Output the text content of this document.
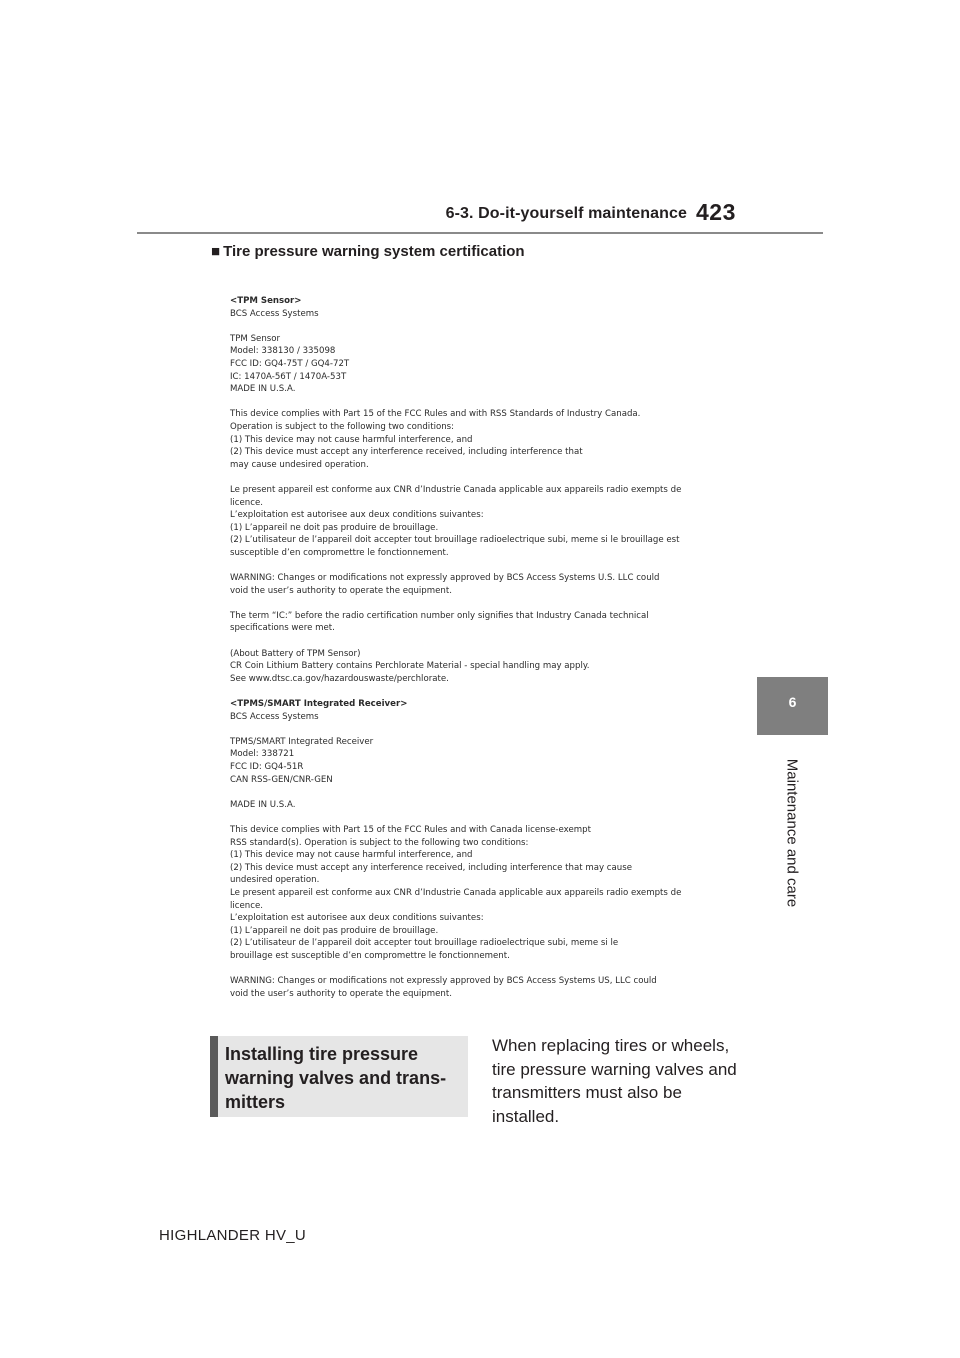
6-3. Do-it-yourself maintenance 423
6
Maintenance and care
■ Tire pressure warning system certification
<TPM Sensor>
BCS Access Systems
TPM Sensor
Model: 338130 / 335098
FCC ID: GQ4-75T / GQ4-72T
IC: 1470A-56T / 1470A-53T
MADE IN U.S.A.
This device complies with Part 15 of the FCC Rules and with RSS Standards of Industry Canada.
Operation is subject to the following two conditions:
(1) This device may not cause harmful interference, and
(2) This device must accept any interference received, including interference that
may cause undesired operation.
Le present appareil est conforme aux CNR d’Industrie Canada applicable aux appareils radio exempts de
licence.
L’exploitation est autorisee aux deux conditions suivantes:
(1) L’appareil ne doit pas produire de brouillage.
(2) L’utilisateur de l’appareil doit accepter tout brouillage radioelectrique subi, meme si le brouillage est
susceptible d’en compromettre le fonctionnement.
WARNING: Changes or modifications not expressly approved by BCS Access Systems U.S. LLC could
void the user’s authority to operate the equipment.
The term “IC:” before the radio certification number only signifies that Industry Canada technical
specifications were met.
(About Battery of TPM Sensor)
CR Coin Lithium Battery contains Perchlorate Material - special handling may apply.
See www.dtsc.ca.gov/hazardouswaste/perchlorate.
<TPMS/SMART Integrated Receiver>
BCS Access Systems
TPMS/SMART Integrated Receiver
Model: 338721
FCC ID: GQ4-51R
CAN RSS-GEN/CNR-GEN
MADE IN U.S.A.
This device complies with Part 15 of the FCC Rules and with Canada license-exempt
RSS standard(s). Operation is subject to the following two conditions:
(1) This device may not cause harmful interference, and
(2) This device must accept any interference received, including interference that may cause
undesired operation.
Le present appareil est conforme aux CNR d’Industrie Canada applicable aux appareils radio exempts de
licence.
L’exploitation est autorisee aux deux conditions suivantes:
(1) L’appareil ne doit pas produire de brouillage.
(2) L’utilisateur de l’appareil doit accepter tout brouillage radioelectrique subi, meme si le
brouillage est susceptible d’en compromettre le fonctionnement.
WARNING: Changes or modifications not expressly approved by BCS Access Systems US, LLC could
void the user’s authority to operate the equipment.
Installing tire pressure
warning valves and trans-
mitters
When replacing tires or wheels,
tire pressure warning valves and
transmitters must also be
installed.
HIGHLANDER HV_U
